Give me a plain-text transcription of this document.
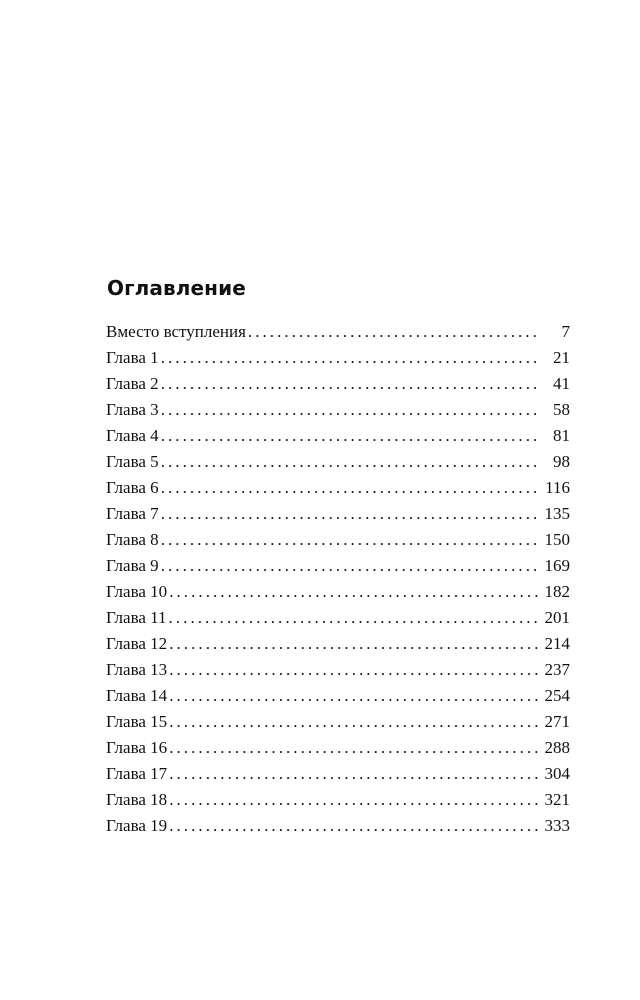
Оглавление
Вместо вступления . . .	7
Глава 1 . . .	21
Глава 2 . . .	41
Глава 3 . . .	58
Глава 4 . . .	81
Глава 5 . . .	98
Глава 6 . . .	116
Глава 7 . . .	135
Глава 8 . . .	150
Глава 9 . . .	169
Глава 10 . . .	182
Глава 11 . . .	201
Глава 12 . . .	214
Глава 13 . . .	237
Глава 14 . . .	254
Глава 15 . . .	271
Глава 16 . . .	288
Глава 17 . . .	304
Глава 18 . . .	321
Глава 19 . . .	333
